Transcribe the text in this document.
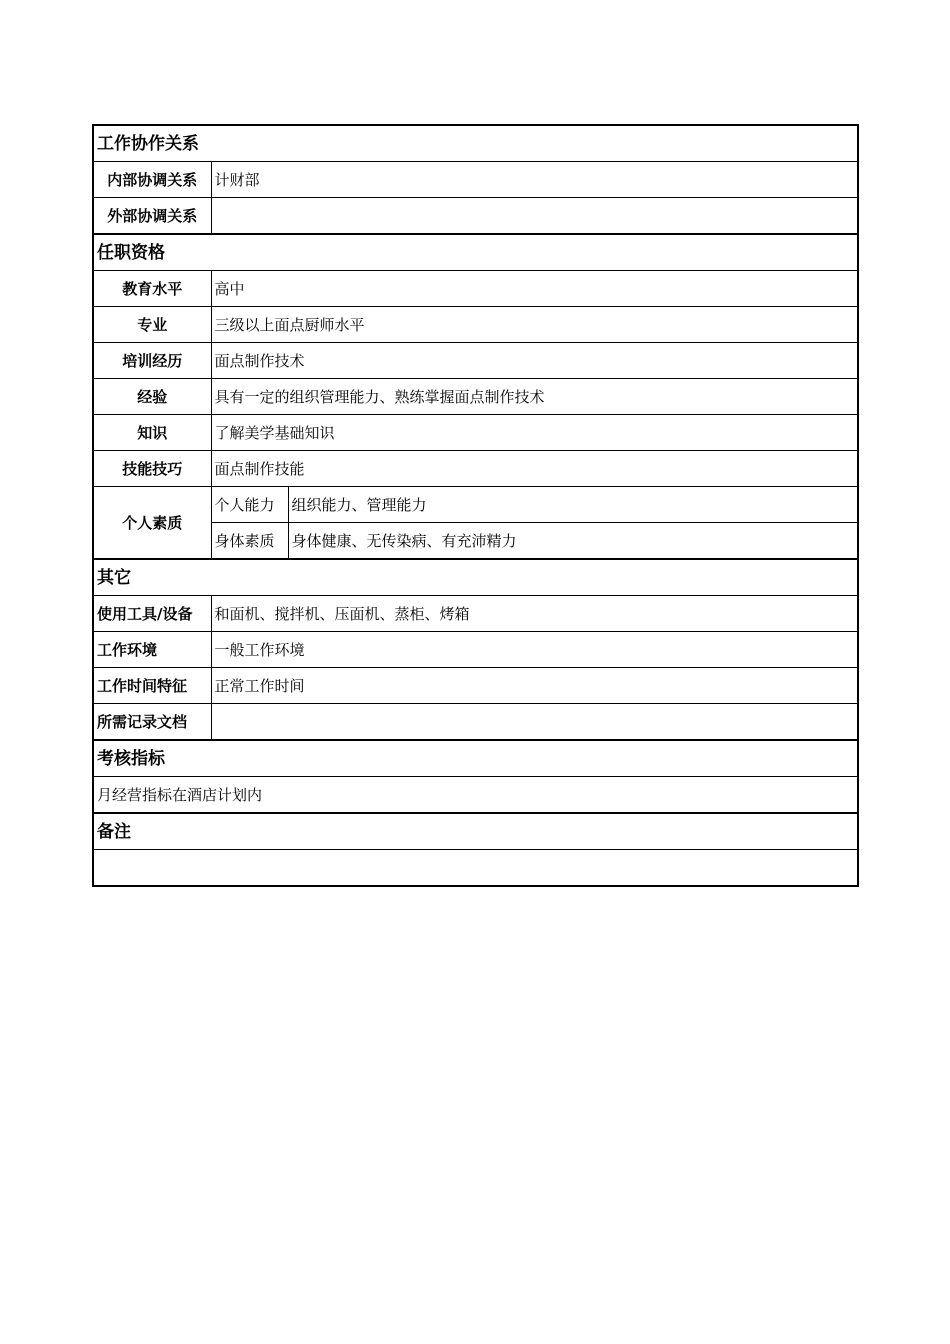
工作协作关系		
内部协调关系	计财部	
外部协调关系		
任职资格		
教育水平	高中	
专业	三级以上面点厨师水平	
培训经历	面点制作技术	
经验	具有一定的组织管理能力、熟练掌握面点制作技术	
知识	了解美学基础知识	
技能技巧	面点制作技能	
个人素质	个人能力	组织能力、管理能力
	身体素质	身体健康、无传染病、有充沛精力
其它		
使用工具/设备	和面机、搅拌机、压面机、蒸柜、烤箱	
工作环境	一般工作环境	
工作时间特征	正常工作时间	
所需记录文档		
考核指标		
月经营指标在酒店计划内		
备注		
